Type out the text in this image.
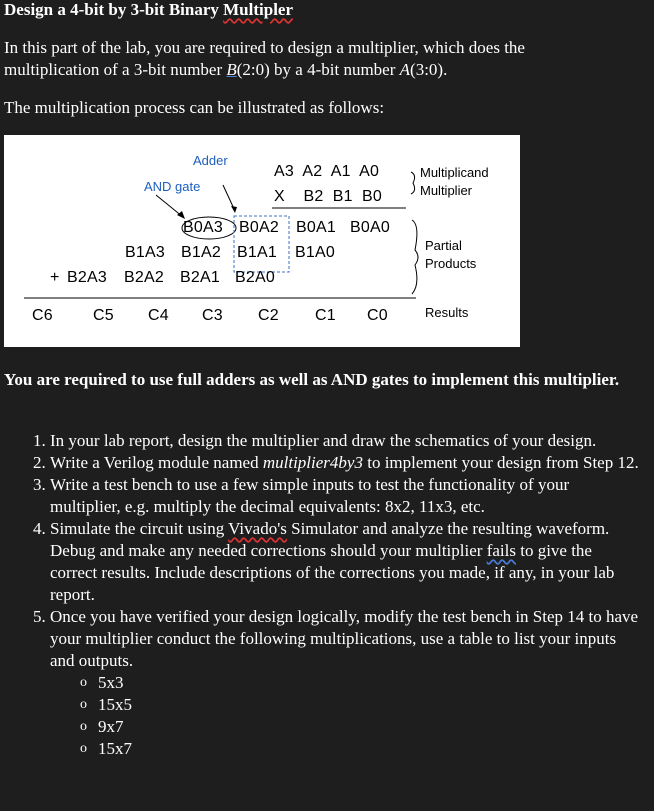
Design a 4-bit by 3-bit Binary Multipler

In this part of the lab, you are required to design a multiplier, which does the
multiplication of a 3-bit number B(2:0) by a 4-bit number A(3:0).

The multiplication process can be illustrated as follows:

Adder
AND gate
A3  A2  A1  A0
X    B2  B1  B0
B0A3 B0A2 B0A1 B0A0
B1A3 B1A2 B1A1 B1A0
+ B2A3 B2A2 B2A1 B2A0
C6	C5 C4 C3 C2 C1 C0
Multiplicand
Multiplier
Partial
Products
Results

You are required to use full adders as well as AND gates to implement this multiplier.

1. In your lab report, design the multiplier and draw the schematics of your design.
2. Write a Verilog module named multiplier4by3 to implement your design from Step 12.
3. Write a test bench to use a few simple inputs to test the functionality of your multiplier, e.g. multiply the decimal equivalents: 8x2, 11x3, etc.
4. Simulate the circuit using Vivado's Simulator and analyze the resulting waveform. Debug and make any needed corrections should your multiplier fails to give the correct results. Include descriptions of the corrections you made, if any, in your lab report.
5. Once you have verified your design logically, modify the test bench in Step 14 to have your multiplier conduct the following multiplications, use a table to list your inputs and outputs.
o 5x3
o 15x5
o 9x7
o 15x7
